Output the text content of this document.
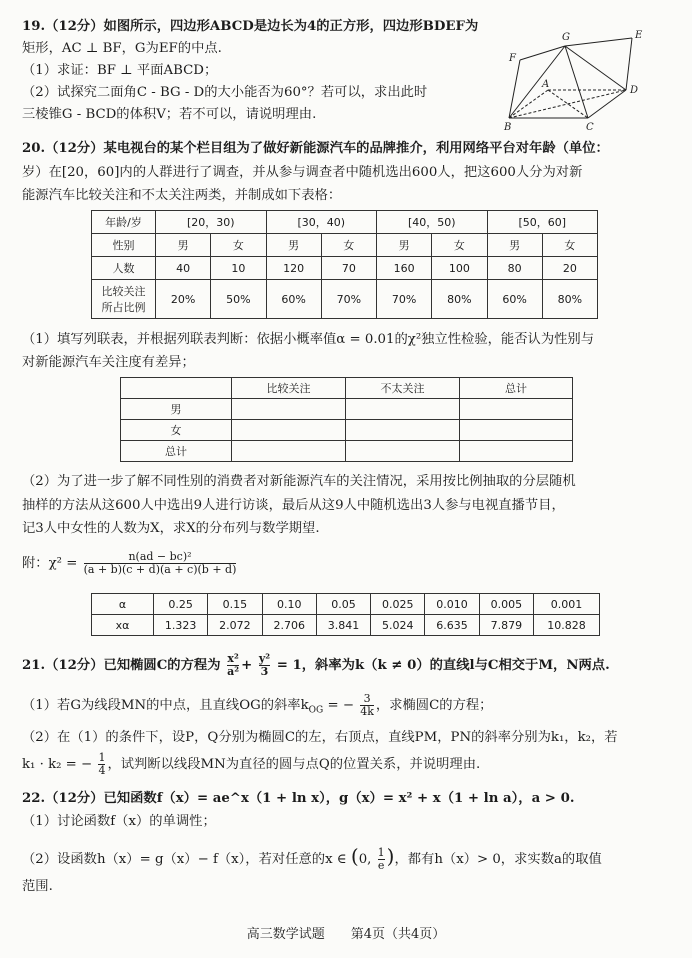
19.（12分）如图所示，四边形ABCD是边长为4的正方形，四边形BDEF为
矩形，AC ⊥ BF，G为EF的中点.
（1）求证：BF ⊥ 平面ABCD；
（2）试探究二面角C - BG - D的大小能否为60°？若可以，求出此时
三棱锥G - BCD的体积V；若不可以，请说明理由.
F
G	E
A
D
B	C
20.（12分）某电视台的某个栏目组为了做好新能源汽车的品牌推介，利用网络平台对年龄（单位：
岁）在[20，60]内的人群进行了调查，并从参与调查者中随机选出600人，把这600人分为对新
能源汽车比较关注和不太关注两类，并制成如下表格：
年龄/岁	[20，30)		[30，40)		[40，50)		[50，60]	
性别	男	女	男	女	男	女	男	女
人数	40	10	120	70	160	100	80	20

比较关注
所占比例	20%	50%	60%	70%	70%	80%	60%	80%
（1）填写列联表，并根据列联表判断：依据小概率值α = 0.01的χ²独立性检验，能否认为性别与
对新能源汽车关注度有差异；
	比较关注	不太关注	总计
男			
女			
总计			
（2）为了进一步了解不同性别的消费者对新能源汽车的关注情况，采用按比例抽取的分层随机
抽样的方法从这600人中选出9人进行访谈，最后从这9人中随机选出3人参与电视直播节目，
记3人中女性的人数为X，求X的分布列与数学期望.
附：$\chi^2 = \frac{\text{n(ad − bc)²}}{(a + b)(c + d)(a + c)(b + d)}$
α	0.25	0.15	0.10	0.05	0.025	0.010	0.005	0.001
xα	1.323	2.072	2.706	3.841	5.024	6.635	7.879	10.828
21.（12分）已知椭圆C的方程为 $\frac{\text{x²}}{\text{a²}} + \frac{\text{y²}}{3} = 1$，斜率为k（k ≠ 0）的直线l与C相交于M，N两点.
（1）若G为线段MN的中点，且直线OG的斜率$k_{OG}$ = − $\frac{3}{4k}$ ，求椭圆C的方程；
（2）在（1）的条件下，设P，Q分别为椭圆C的左，右顶点，直线PM，PN的斜率分别为k₁，k₂，若
k₁ · k₂ = − $\frac{1}{4}$ ，试判断以线段MN为直径的圆与点Q的位置关系，并说明理由.
22.（12分）已知函数f（x）= ae^x（1 + ln x），g（x）= x² + x（1 + ln a），a > 0.
（1）讨论函数f（x）的单调性；
（2）设函数h（x）= g（x）− f（x），若对任意的x ∈ (0, $\frac{1}{e}$ )，都有h（x）> 0，求实数a的取值
范围.
高三数学试题　　第4页（共4页）
